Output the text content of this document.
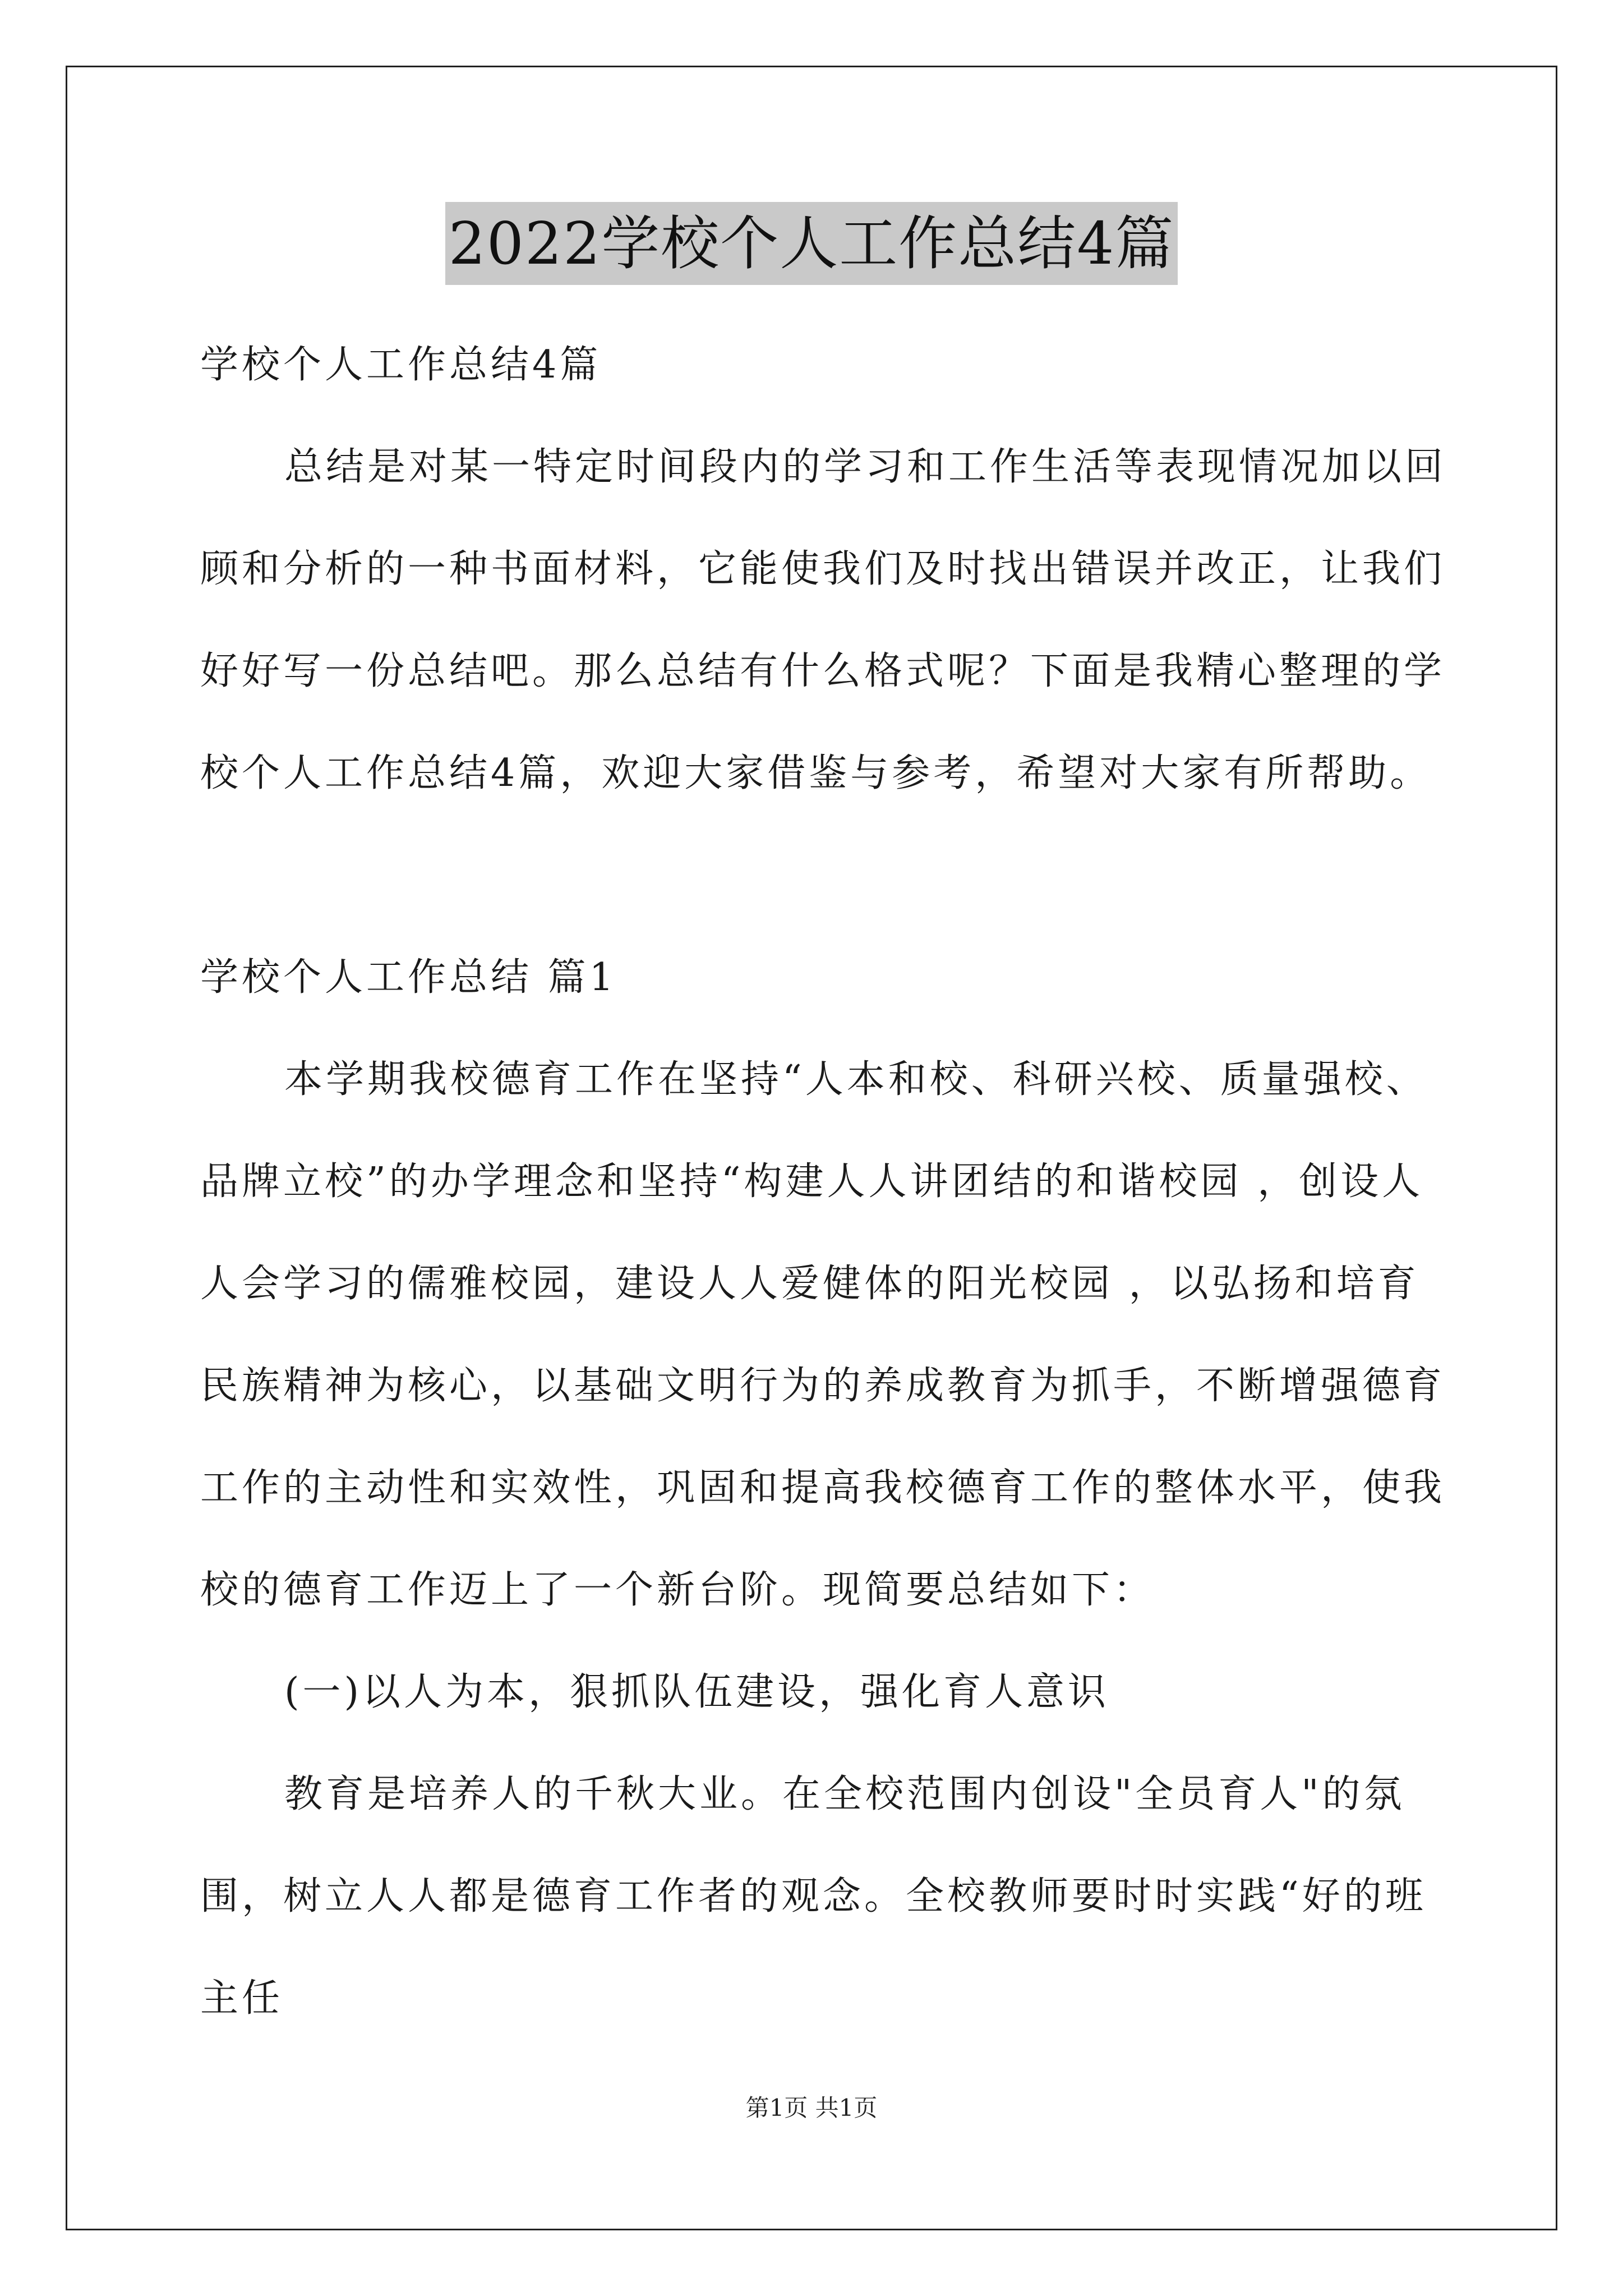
2022学校个人工作总结4篇

学校个人工作总结4篇

总结是对某一特定时间段内的学习和工作生活等表现情况加以回顾和分析的一种书面材料，它能使我们及时找出错误并改正，让我们好好写一份总结吧。那么总结有什么格式呢？下面是我精心整理的学校个人工作总结4篇，欢迎大家借鉴与参考，希望对大家有所帮助。

学校个人工作总结 篇1

本学期我校德育工作在坚持“人本和校、科研兴校、质量强校、品牌立校”的办学理念和坚持“构建人人讲团结的和谐校园 ，创设人人会学习的儒雅校园，建设人人爱健体的阳光校园 ，以弘扬和培育民族精神为核心，以基础文明行为的养成教育为抓手，不断增强德育工作的主动性和实效性，巩固和提高我校德育工作的整体水平，使我校的德育工作迈上了一个新台阶。现简要总结如下：

(一)以人为本，狠抓队伍建设，强化育人意识

教育是培养人的千秋大业。在全校范围内创设"全员育人"的氛围，树立人人都是德育工作者的观念。全校教师要时时实践“好的班主任

第1页 共1页
